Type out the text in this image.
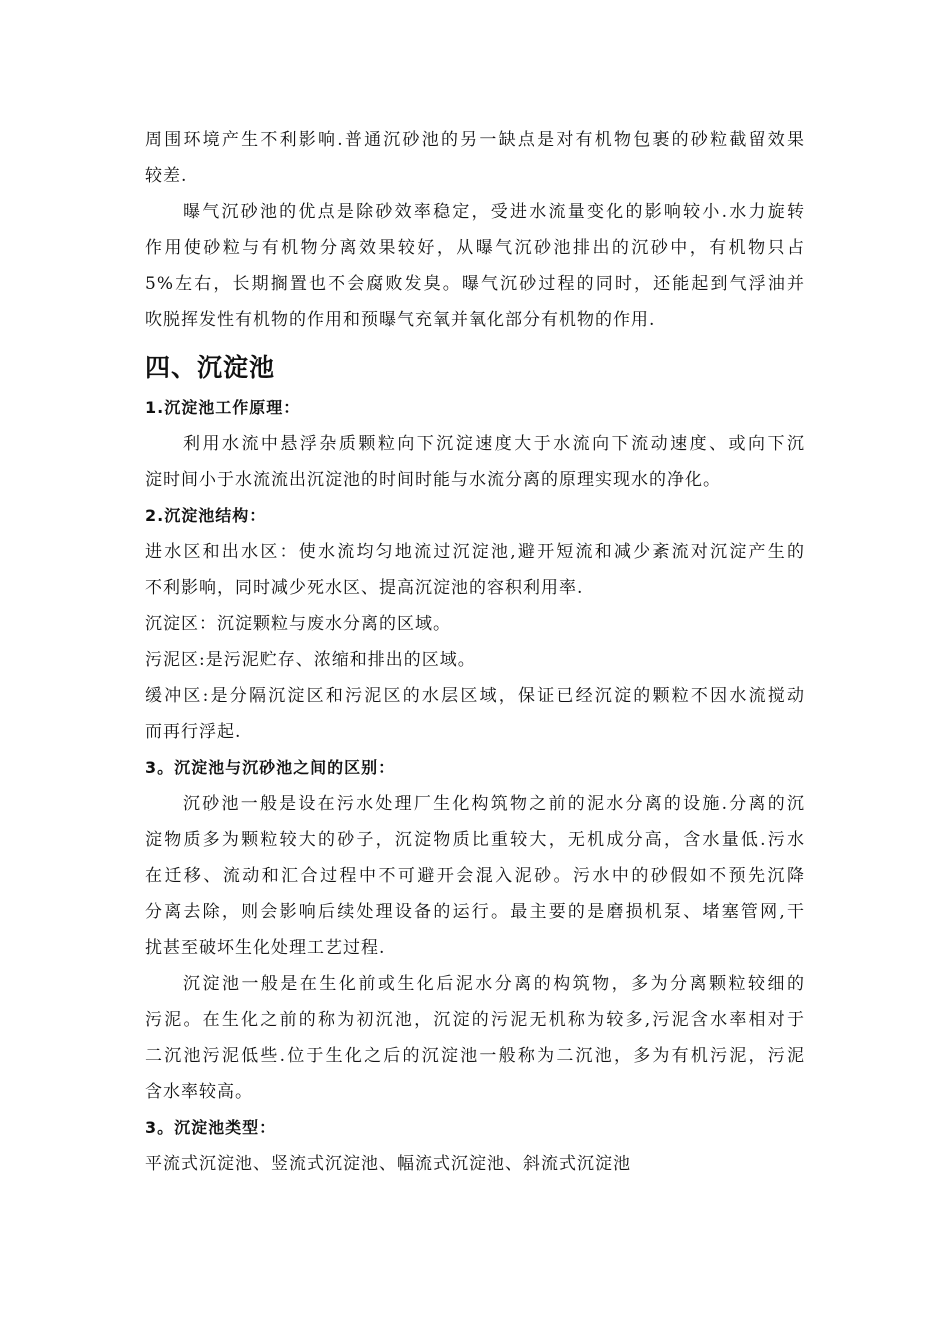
周围环境产生不利影响.普通沉砂池的另一缺点是对有机物包裹的砂粒截留效果
较差.
曝气沉砂池的优点是除砂效率稳定，受进水流量变化的影响较小.水力旋转
作用使砂粒与有机物分离效果较好，从曝气沉砂池排出的沉砂中，有机物只占
5%左右，长期搁置也不会腐败发臭。曝气沉砂过程的同时，还能起到气浮油并
吹脱挥发性有机物的作用和预曝气充氧并氧化部分有机物的作用.
四、沉淀池
1.沉淀池工作原理：
利用水流中悬浮杂质颗粒向下沉淀速度大于水流向下流动速度、或向下沉
淀时间小于水流流出沉淀池的时间时能与水流分离的原理实现水的净化。
2.沉淀池结构：
进水区和出水区：使水流均匀地流过沉淀池,避开短流和减少紊流对沉淀产生的
不利影响，同时减少死水区、提高沉淀池的容积利用率.
沉淀区：沉淀颗粒与废水分离的区域。
污泥区:是污泥贮存、浓缩和排出的区域。
缓冲区:是分隔沉淀区和污泥区的水层区域，保证已经沉淀的颗粒不因水流搅动
而再行浮起.
3。沉淀池与沉砂池之间的区别：
沉砂池一般是设在污水处理厂生化构筑物之前的泥水分离的设施.分离的沉
淀物质多为颗粒较大的砂子，沉淀物质比重较大，无机成分高，含水量低.污水
在迁移、流动和汇合过程中不可避开会混入泥砂。污水中的砂假如不预先沉降
分离去除，则会影响后续处理设备的运行。最主要的是磨损机泵、堵塞管网,干
扰甚至破坏生化处理工艺过程.
沉淀池一般是在生化前或生化后泥水分离的构筑物，多为分离颗粒较细的
污泥。在生化之前的称为初沉池，沉淀的污泥无机称为较多,污泥含水率相对于
二沉池污泥低些.位于生化之后的沉淀池一般称为二沉池，多为有机污泥，污泥
含水率较高。
3。沉淀池类型：
平流式沉淀池、竖流式沉淀池、幅流式沉淀池、斜流式沉淀池
